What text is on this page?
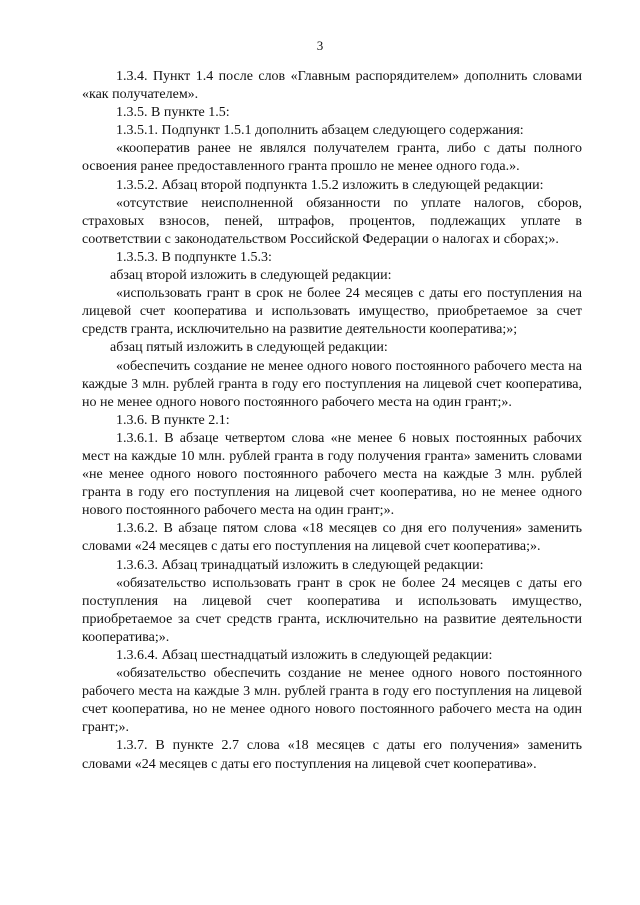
3

1.3.4. Пункт 1.4 после слов «Главным распорядителем» дополнить словами «как получателем».

1.3.5. В пункте 1.5:

1.3.5.1. Подпункт 1.5.1 дополнить абзацем следующего содержания:

«кооператив ранее не являлся получателем гранта, либо с даты полного освоения ранее предоставленного гранта прошло не менее одного года.».

1.3.5.2. Абзац второй подпункта 1.5.2 изложить в следующей редакции:

«отсутствие неисполненной обязанности по уплате налогов, сборов, страховых взносов, пеней, штрафов, процентов, подлежащих уплате в соответствии с законодательством Российской Федерации о налогах и сборах;».

1.3.5.3. В подпункте 1.5.3:

абзац второй изложить в следующей редакции:

«использовать грант в срок не более 24 месяцев с даты его поступления на лицевой счет кооператива и использовать имущество, приобретаемое за счет средств гранта, исключительно на развитие деятельности кооператива;»;

абзац пятый изложить в следующей редакции:

«обеспечить создание не менее одного нового постоянного рабочего места на каждые 3 млн. рублей гранта в году его поступления на лицевой счет кооператива, но не менее одного нового постоянного рабочего места на один грант;».

1.3.6. В пункте 2.1:

1.3.6.1. В абзаце четвертом слова «не менее 6 новых постоянных рабочих мест на каждые 10 млн. рублей гранта в году получения гранта» заменить словами «не менее одного нового постоянного рабочего места на каждые 3 млн. рублей гранта в году его поступления на лицевой счет кооператива, но не менее одного нового постоянного рабочего места на один грант;».

1.3.6.2. В абзаце пятом слова «18 месяцев со дня его получения» заменить словами «24 месяцев с даты его поступления на лицевой счет кооператива;».

1.3.6.3. Абзац тринадцатый изложить в следующей редакции:

«обязательство использовать грант в срок не более 24 месяцев с даты его поступления на лицевой счет кооператива и использовать имущество, приобретаемое за счет средств гранта, исключительно на развитие деятельности кооператива;».

1.3.6.4. Абзац шестнадцатый изложить в следующей редакции:

«обязательство обеспечить создание не менее одного нового постоянного рабочего места на каждые 3 млн. рублей гранта в году его поступления на лицевой счет кооператива, но не менее одного нового постоянного рабочего места на один грант;».

1.3.7. В пункте 2.7 слова «18 месяцев с даты его получения» заменить словами «24 месяцев с даты его поступления на лицевой счет кооператива».
